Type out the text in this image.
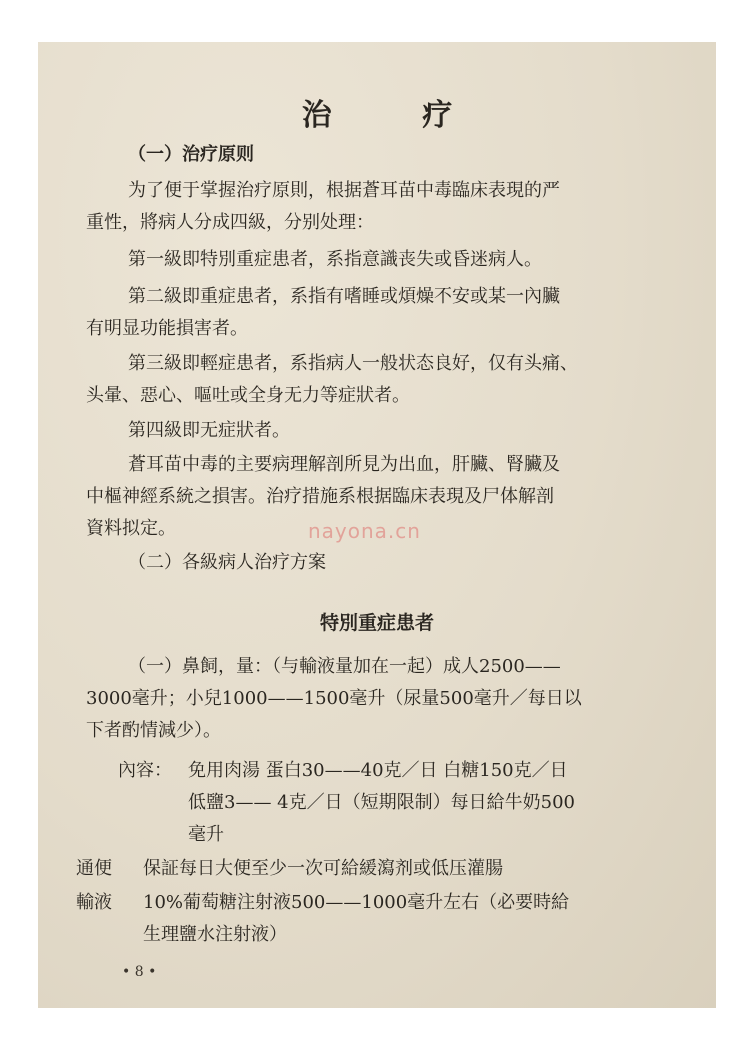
治 疗
（一）治疗原则
为了便于掌握治疗原則，根据蒼耳苗中毒臨床表現的严
重性，將病人分成四級，分别处理：
第一級即特別重症患者，系指意識丧失或昏迷病人。
第二級即重症患者，系指有嗜睡或煩燥不安或某一內臟
有明显功能損害者。
第三級即輕症患者，系指病人一般状态良好，仅有头痛、
头暈、惡心、嘔吐或全身无力等症狀者。
第四級即无症狀者。
蒼耳苗中毒的主要病理解剖所見为出血，肝臟、腎臟及
中樞神經系統之損害。治疗措施系根据臨床表現及尸体解剖
資料拟定。	nayona.cn
（二）各級病人治疗方案
特別重症患者
（一）鼻飼，量：（与輸液量加在一起）成人2500——
3000毫升；小兒1000——1500毫升（尿量500毫升／每日以
下者酌情減少）。
內容： 免用肉湯 蛋白30——40克／日 白糖150克／日
低鹽3—— 4克／日（短期限制）每日給牛奶500
毫升
通便 保証每日大便至少一次可給緩瀉剂或低压灌腸
輸液 10%葡萄糖注射液500——1000毫升左右（必要時給
生理鹽水注射液）
• 8 •
